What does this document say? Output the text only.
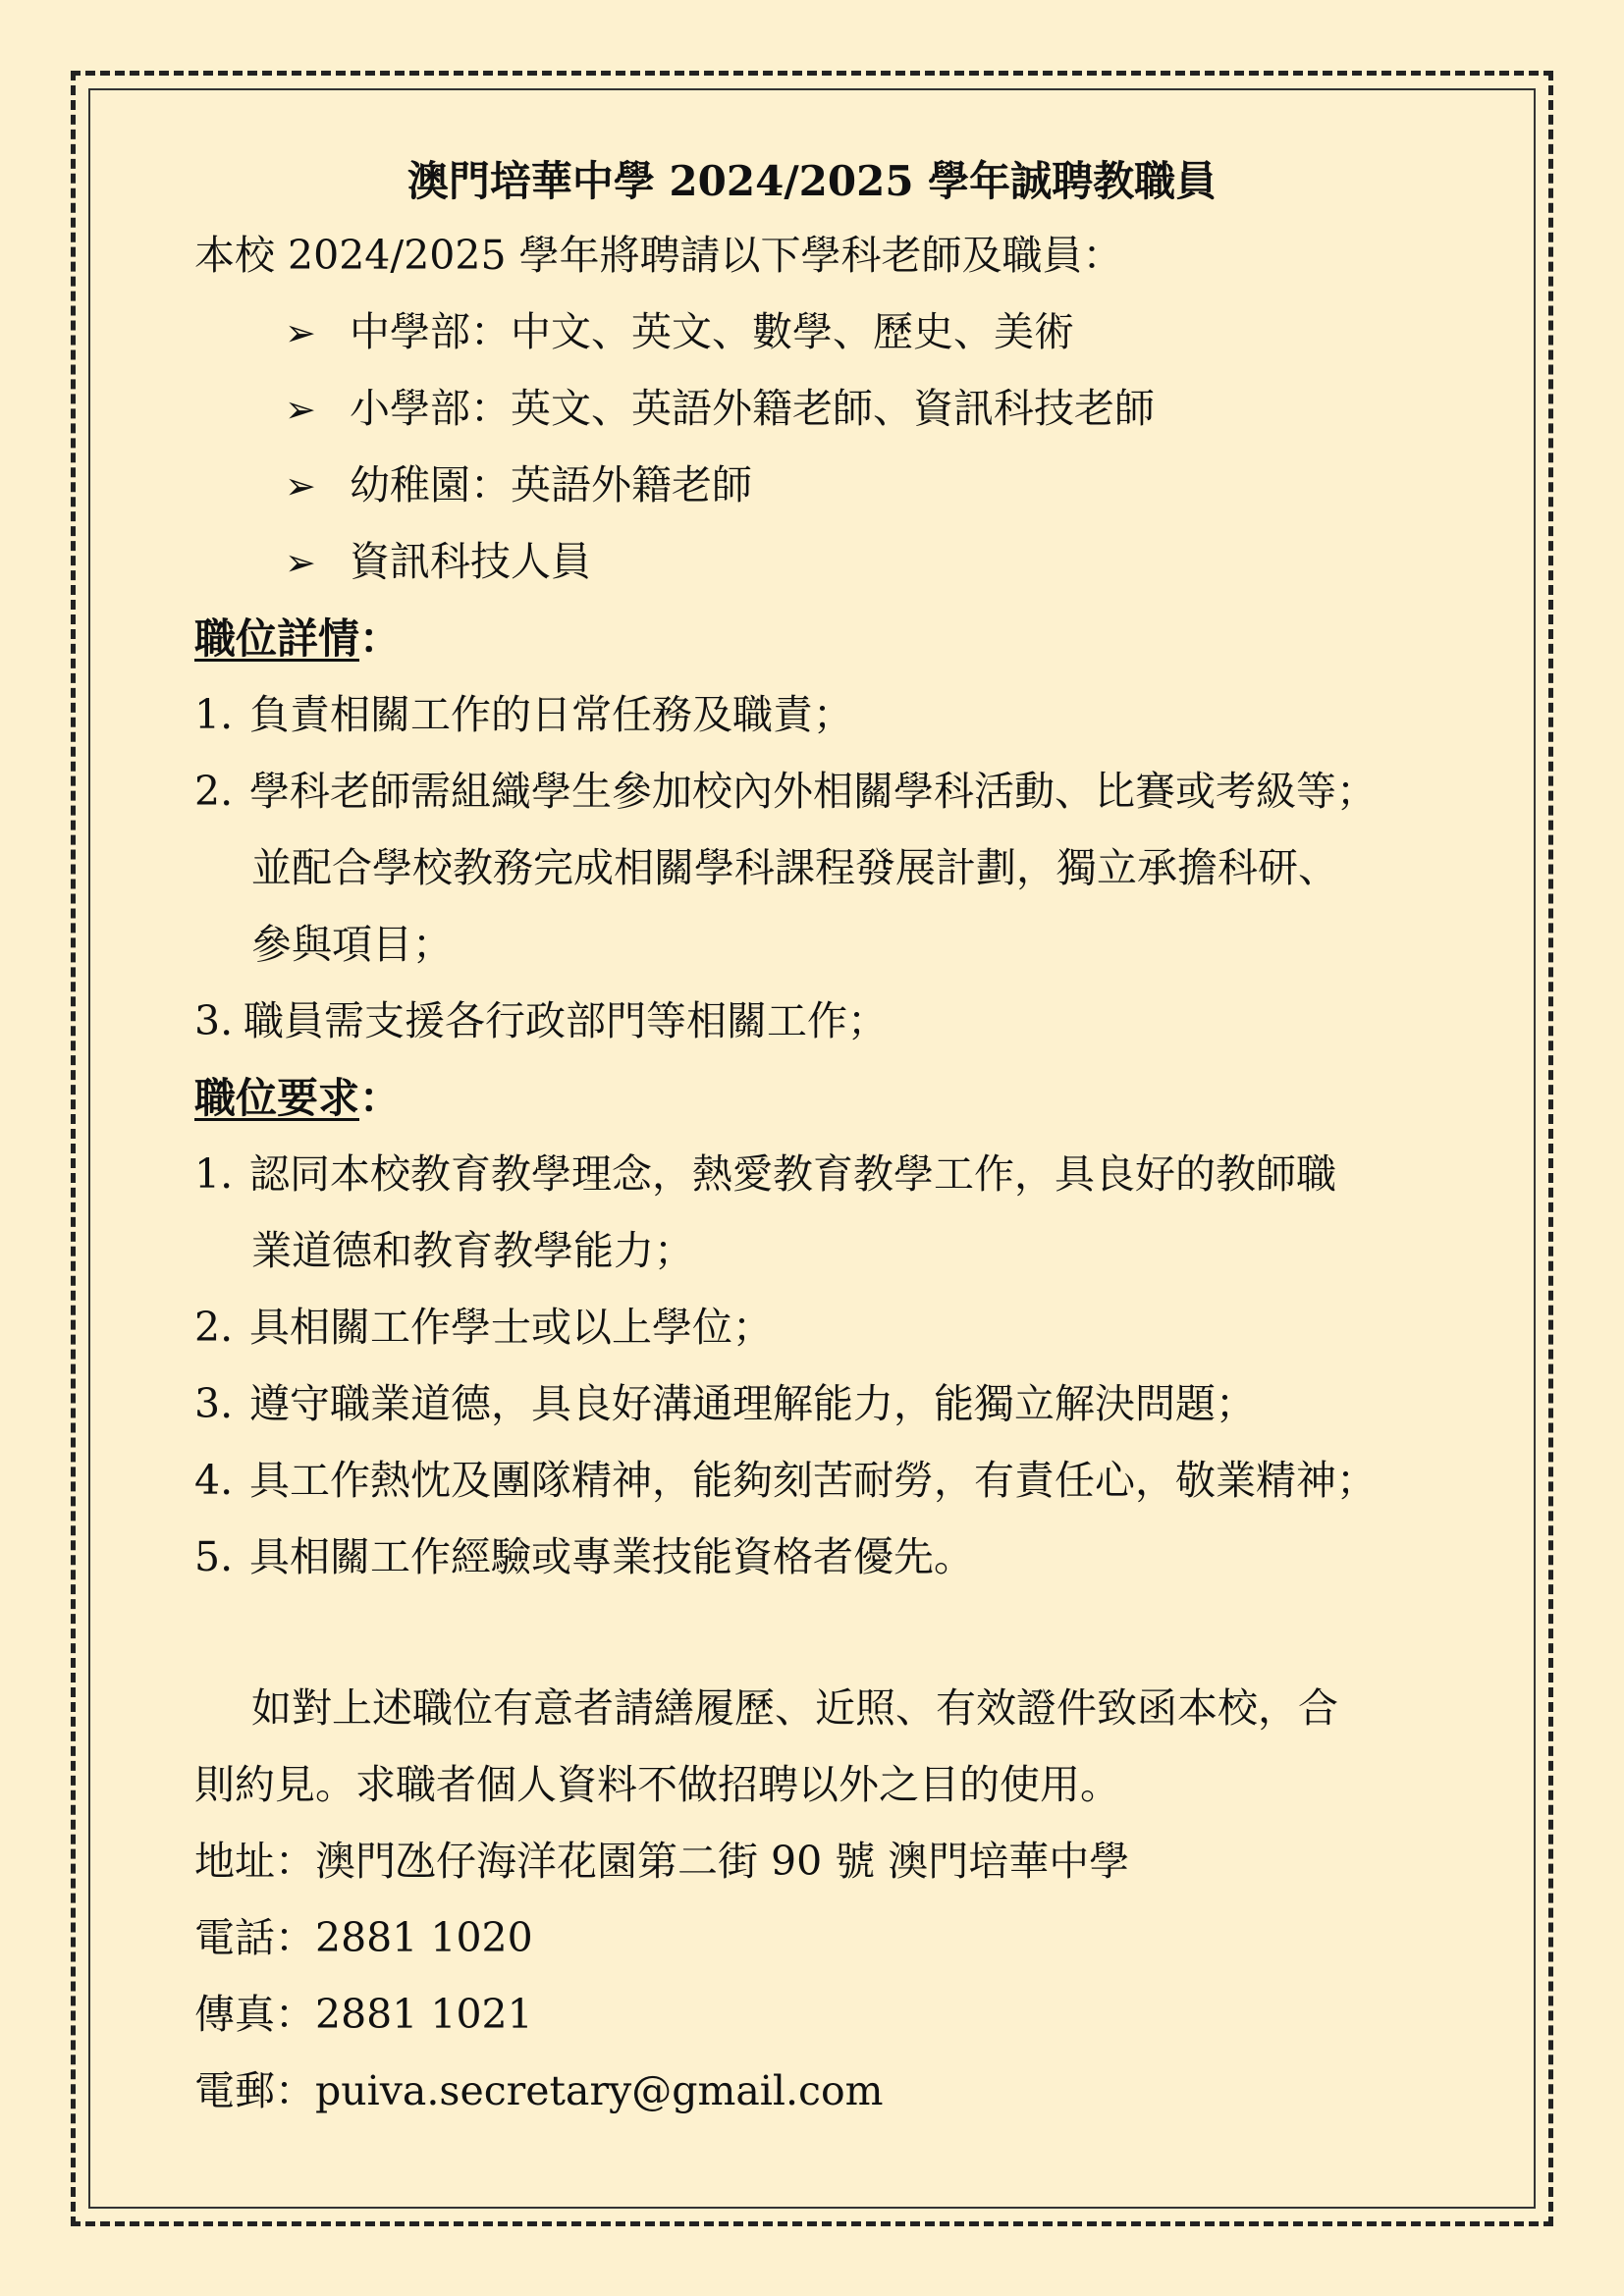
澳門培華中學 2024/2025 學年誠聘教職員
本校 2024/2025 學年將聘請以下學科老師及職員：
➢ 中學部：中文、英文、數學、歷史、美術
➢ 小學部：英文、英語外籍老師、資訊科技老師
➢ 幼稚園：英語外籍老師
➢ 資訊科技人員
職位詳情：
1. 負責相關工作的日常任務及職責；
2. 學科老師需組織學生參加校內外相關學科活動、比賽或考級等；
並配合學校教務完成相關學科課程發展計劃，獨立承擔科研、
參與項目；
3. 職員需支援各行政部門等相關工作；
職位要求：
1. 認同本校教育教學理念，熱愛教育教學工作，具良好的教師職
業道德和教育教學能力；
2. 具相關工作學士或以上學位；
3. 遵守職業道德，具良好溝通理解能力，能獨立解決問題；
4. 具工作熱忱及團隊精神，能夠刻苦耐勞，有責任心，敬業精神；
5. 具相關工作經驗或專業技能資格者優先。
如對上述職位有意者請繕履歷、近照、有效證件致函本校，合
則約見。求職者個人資料不做招聘以外之目的使用。
地址：澳門氹仔海洋花園第二街 90 號 澳門培華中學
電話：2881 1020
傳真：2881 1021
電郵：puiva.secretary@gmail.com
